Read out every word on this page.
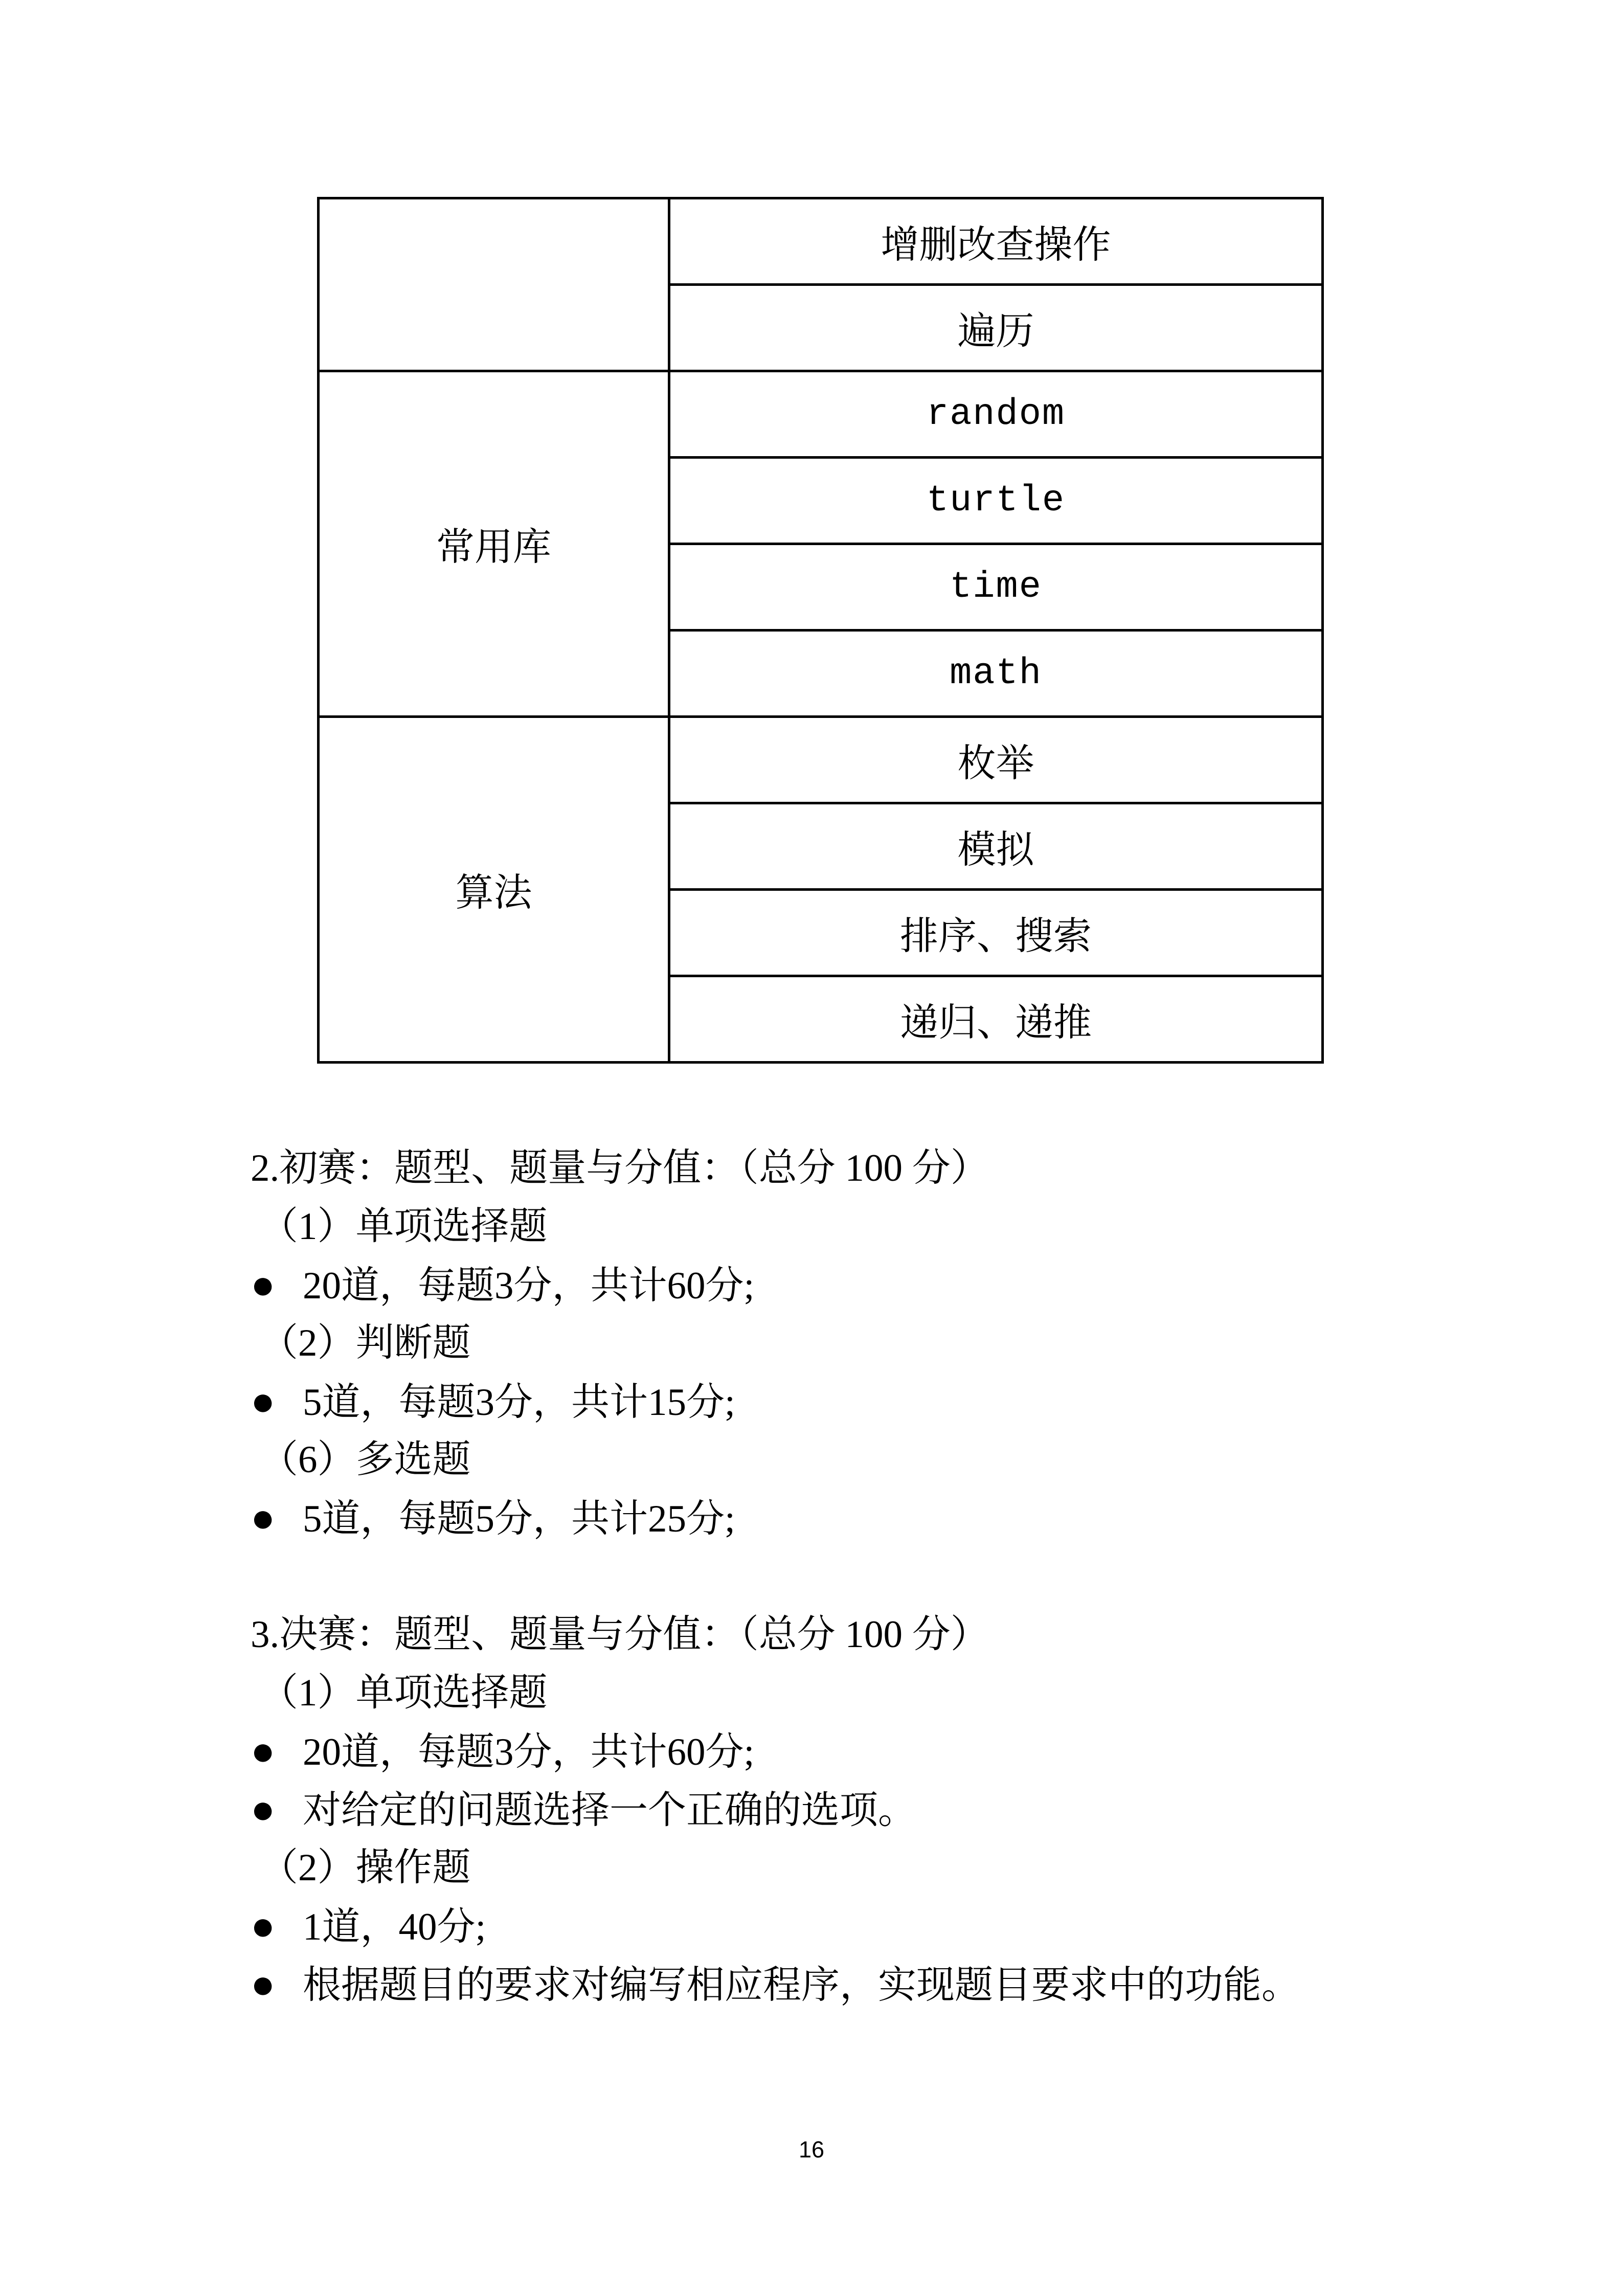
	增删改查操作
	遍历
常用库	random
	turtle
	time
	math
算法	枚举
	模拟
	排序、搜索
	递归、递推
2.初赛：题型、题量与分值：（总分 100 分）
（1）单项选择题
● 20道，每题3分，共计60分;
（2）判断题
● 5道，每题3分，共计15分;
（6）多选题
● 5道，每题5分，共计25分;
3.决赛：题型、题量与分值：（总分 100 分）
（1）单项选择题
● 20道，每题3分，共计60分;
● 对给定的问题选择一个正确的选项。
（2）操作题
● 1道，40分;
● 根据题目的要求对编写相应程序，实现题目要求中的功能。
16
